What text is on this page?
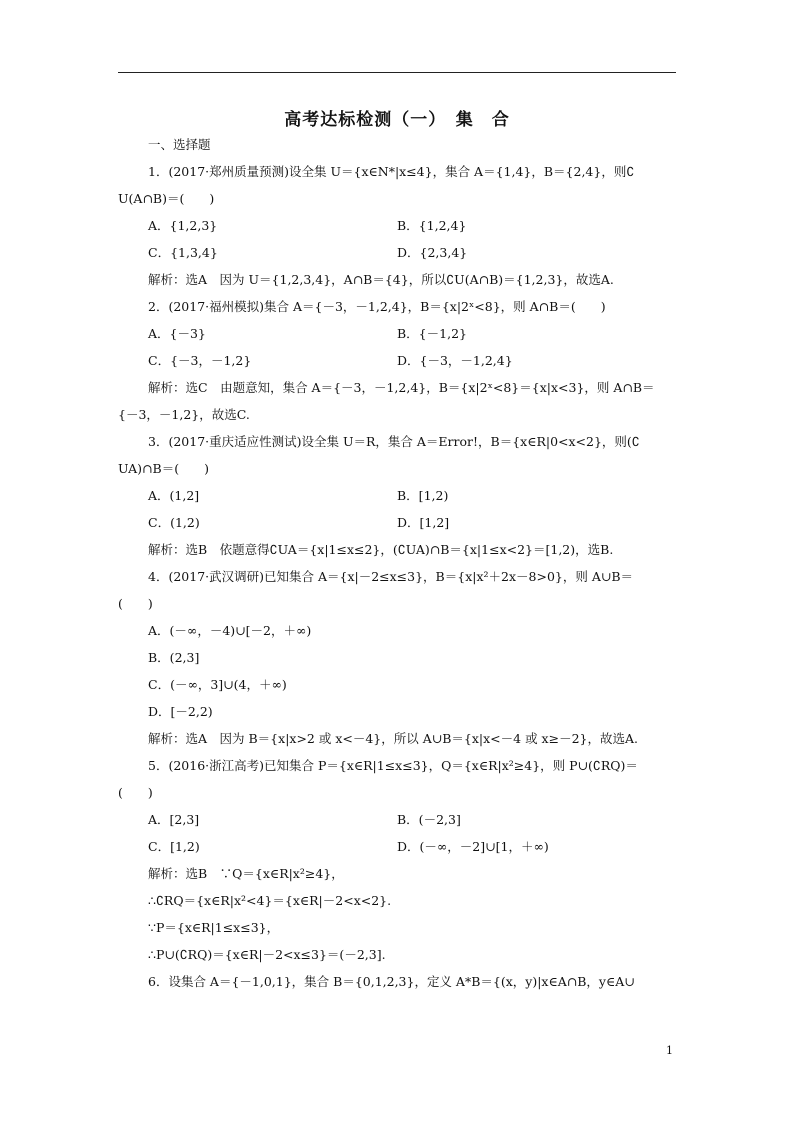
高考达标检测（一）　集　合
一、选择题
1．(2017·郑州质量预测)设全集 U＝{x∈N*|x≤4}，集合 A＝{1,4}，B＝{2,4}，则∁
U(A∩B)＝(　　)
A．{1,2,3}	B．{1,2,4}
C．{1,3,4}	D．{2,3,4}
解析：选A　因为 U＝{1,2,3,4}，A∩B＝{4}，所以∁U(A∩B)＝{1,2,3}，故选A.
2．(2017·福州模拟)集合 A＝{－3，－1,2,4}，B＝{x|2ˣ<8}，则 A∩B＝(　　)
A．{－3}	B．{－1,2}
C．{－3，－1,2}	D．{－3，－1,2,4}
解析：选C　由题意知，集合 A＝{－3，－1,2,4}，B＝{x|2ˣ<8}＝{x|x<3}，则 A∩B＝
{－3，－1,2}，故选C.
3．(2017·重庆适应性测试)设全集 U＝R，集合 A＝Error!，B＝{x∈R|0<x<2}，则(∁
UA)∩B＝(　　)
A．(1,2]	B．[1,2)
C．(1,2)	D．[1,2]
解析：选B　依题意得∁UA＝{x|1≤x≤2}，(∁UA)∩B＝{x|1≤x<2}＝[1,2)，选B.
4．(2017·武汉调研)已知集合 A＝{x|－2≤x≤3}，B＝{x|x²＋2x－8>0}，则 A∪B＝
(　　)
A．(－∞，－4)∪[－2，＋∞)
B．(2,3]
C．(－∞，3]∪(4，＋∞)
D．[－2,2)
解析：选A　因为 B＝{x|x>2 或 x<－4}，所以 A∪B＝{x|x<－4 或 x≥－2}，故选A.
5．(2016·浙江高考)已知集合 P＝{x∈R|1≤x≤3}，Q＝{x∈R|x²≥4}，则 P∪(∁RQ)＝
(　　)
A．[2,3]	B．(－2,3]
C．[1,2)	D．(－∞，－2]∪[1，＋∞)
解析：选B　∵Q＝{x∈R|x²≥4}，
∴∁RQ＝{x∈R|x²<4}＝{x∈R|－2<x<2}.
∵P＝{x∈R|1≤x≤3}，
∴P∪(∁RQ)＝{x∈R|－2<x≤3}＝(－2,3].
6．设集合 A＝{－1,0,1}，集合 B＝{0,1,2,3}，定义 A*B＝{(x，y)|x∈A∩B，y∈A∪
1
